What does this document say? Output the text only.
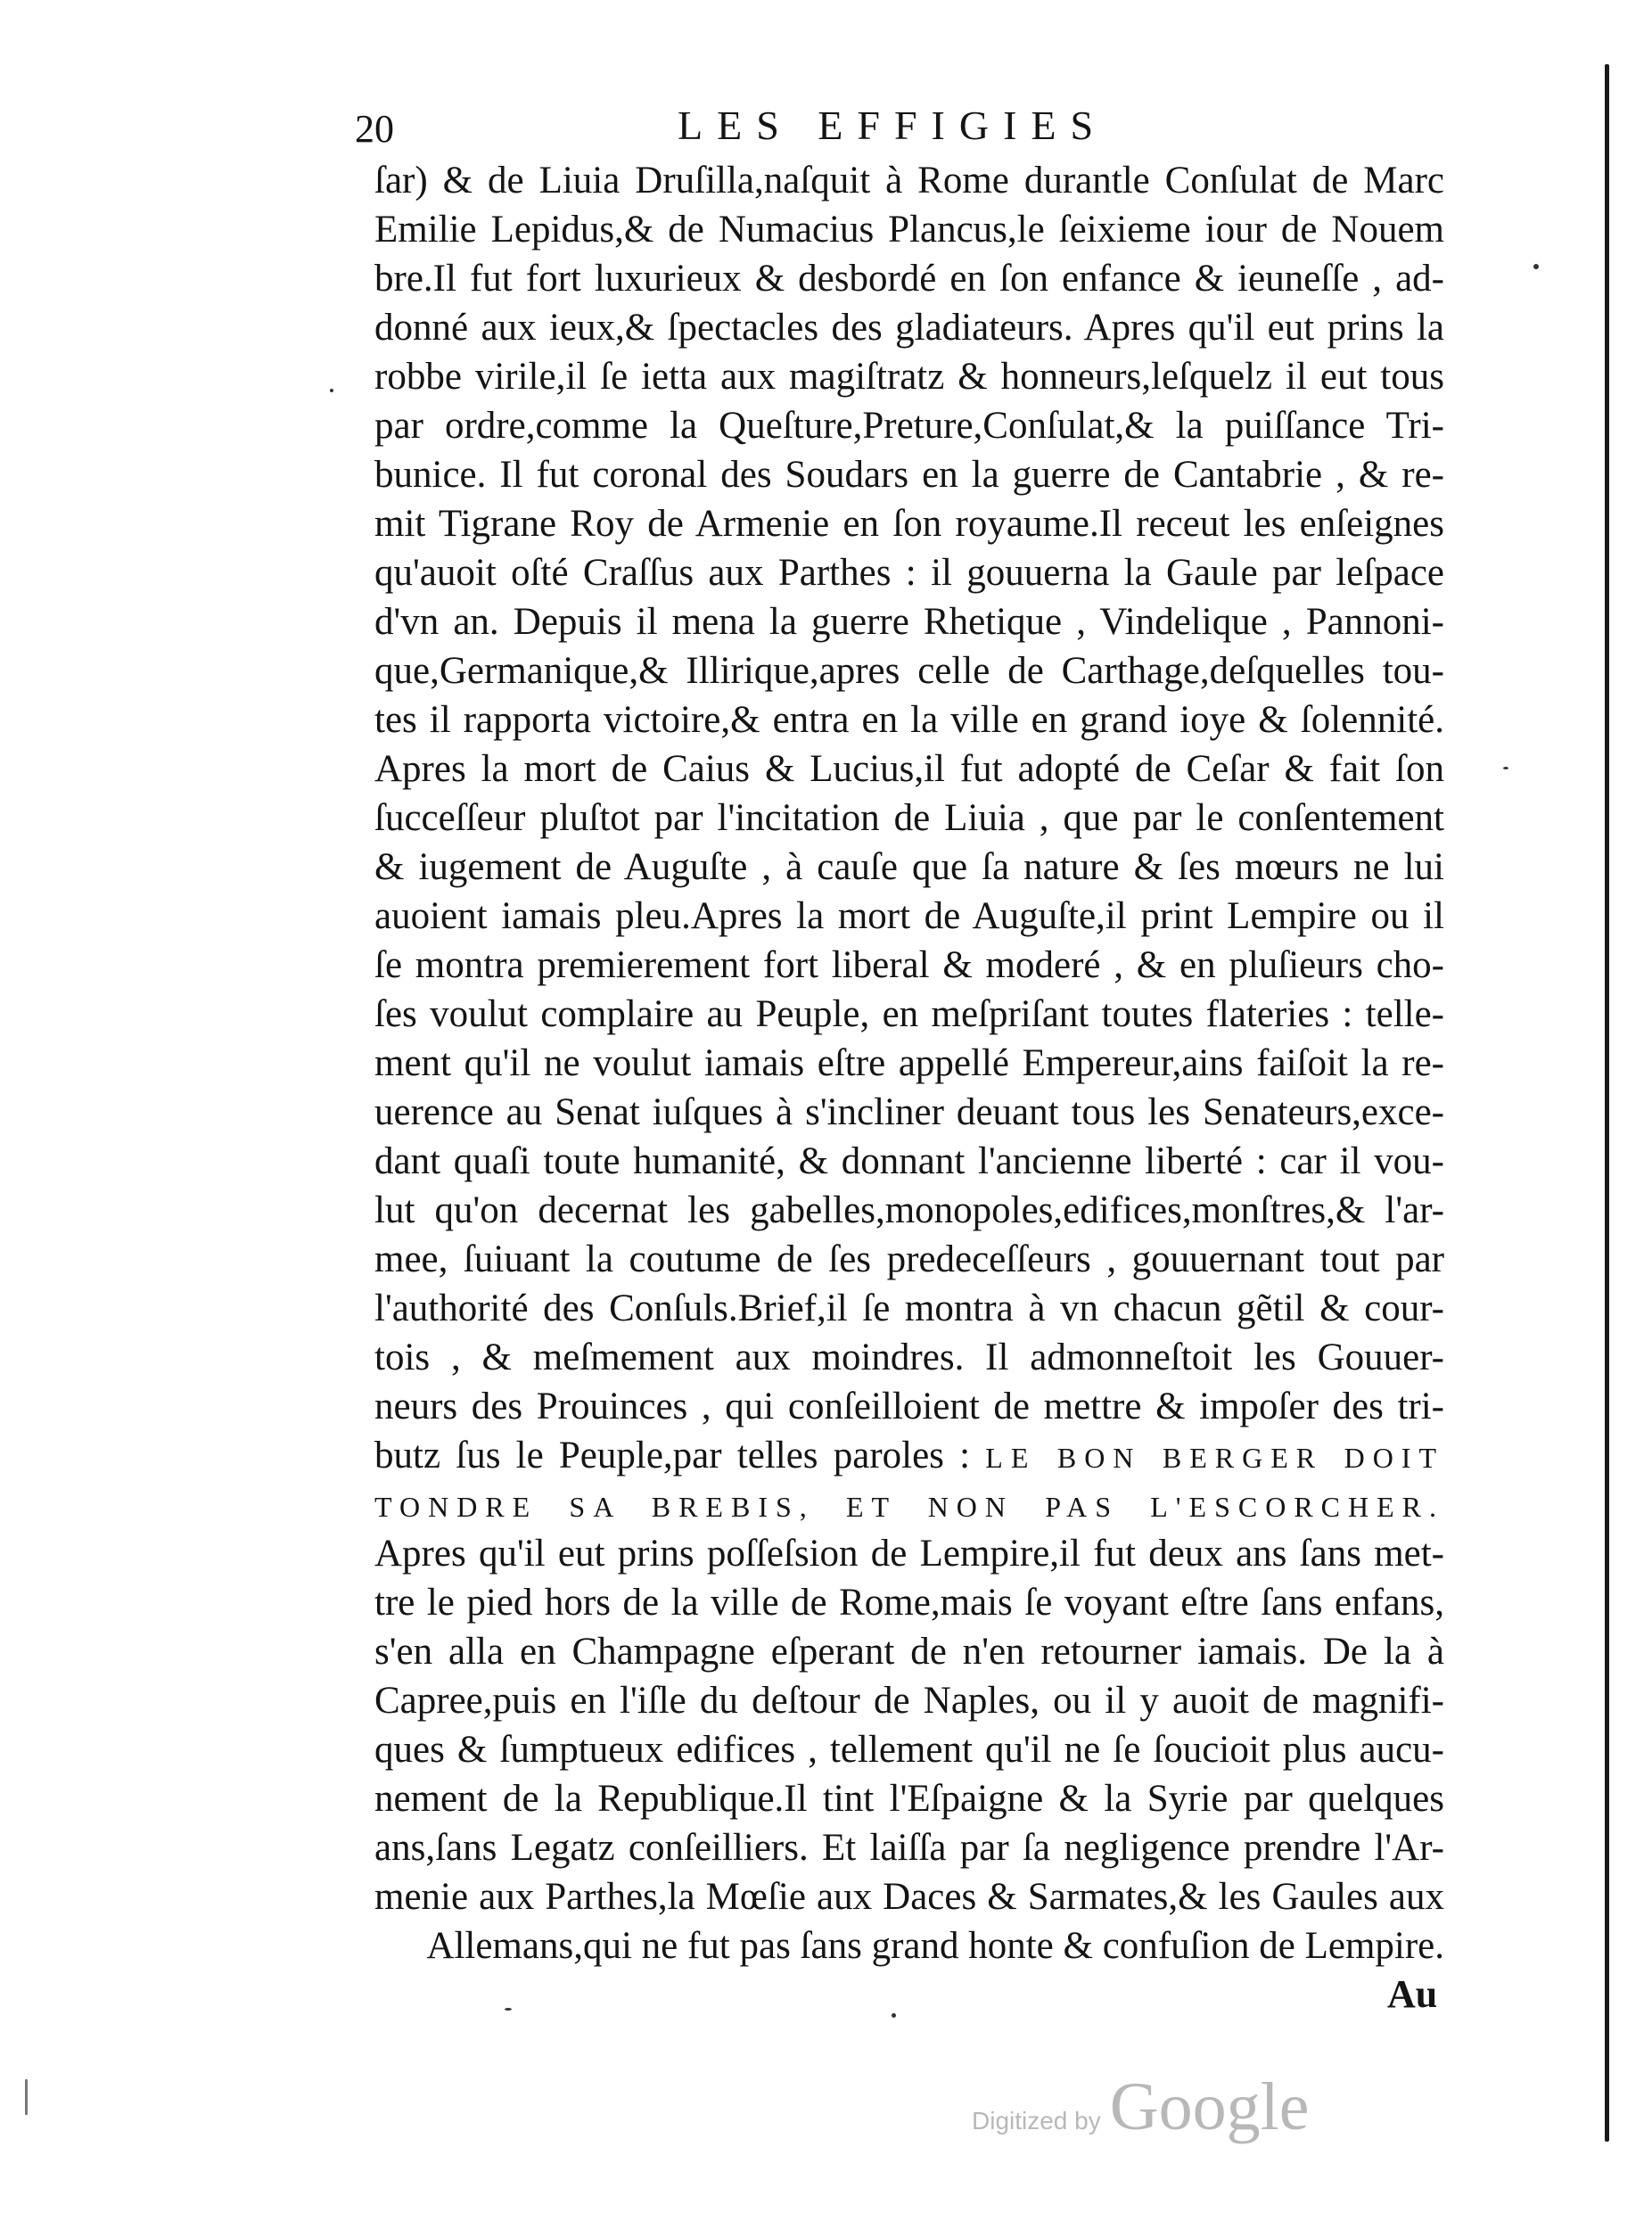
20	LES EFFIGIES
ſar) & de Liuia Druſilla,naſquit à Rome durantle Conſulat de Marc
Emilie Lepidus,& de Numacius Plancus,le ſeixieme iour de Nouem
bre.Il fut fort luxurieux & desbordé en ſon enfance & ieuneſſe , ad-
donné aux ieux,& ſpectacles des gladiateurs. Apres qu'il eut prins la
robbe virile,il ſe ietta aux magiſtratz & honneurs,leſquelz il eut tous
par ordre,comme la Queſture,Preture,Conſulat,& la puiſſance Tri-
bunice. Il fut coronal des Soudars en la guerre de Cantabrie , & re-
mit Tigrane Roy de Armenie en ſon royaume.Il receut les enſeignes
qu'auoit oſté Craſſus aux Parthes : il gouuerna la Gaule par leſpace
d'vn an. Depuis il mena la guerre Rhetique , Vindelique , Pannoni-
que,Germanique,& Illirique,apres celle de Carthage,deſquelles tou-
tes il rapporta victoire,& entra en la ville en grand ioye & ſolennité.
Apres la mort de Caius & Lucius,il fut adopté de Ceſar & fait ſon
ſucceſſeur pluſtot par l'incitation de Liuia , que par le conſentement
& iugement de Auguſte , à cauſe que ſa nature & ſes mœurs ne lui
auoient iamais pleu.Apres la mort de Auguſte,il print Lempire ou il
ſe montra premierement fort liberal & moderé , & en pluſieurs cho-
ſes voulut complaire au Peuple, en meſpriſant toutes flateries : telle-
ment qu'il ne voulut iamais eſtre appellé Empereur,ains faiſoit la re-
uerence au Senat iuſques à s'incliner deuant tous les Senateurs,exce-
dant quaſi toute humanité, & donnant l'ancienne liberté : car il vou-
lut qu'on decernat les gabelles,monopoles,edifices,monſtres,& l'ar-
mee, ſuiuant la coutume de ſes predeceſſeurs , gouuernant tout par
l'authorité des Conſuls.Brief,il ſe montra à vn chacun gẽtil & cour-
tois , & meſmement aux moindres. Il admonneſtoit les Gouuer-
neurs des Prouinces , qui conſeilloient de mettre & impoſer des tri-
butz ſus le Peuple,par telles paroles : LE BON BERGER DOIT
TONDRE SA BREBIS, ET NON PAS L'ESCORCHER.
Apres qu'il eut prins poſſeſsion de Lempire,il fut deux ans ſans met-
tre le pied hors de la ville de Rome,mais ſe voyant eſtre ſans enfans,
s'en alla en Champagne eſperant de n'en retourner iamais. De la à
Capree,puis en l'iſle du deſtour de Naples, ou il y auoit de magnifi-
ques & ſumptueux edifices , tellement qu'il ne ſe ſoucioit plus aucu-
nement de la Republique.Il tint l'Eſpaigne & la Syrie par quelques
ans,ſans Legatz conſeilliers. Et laiſſa par ſa negligence prendre l'Ar-
menie aux Parthes,la Mœſie aux Daces & Sarmates,& les Gaules aux
Allemans,qui ne fut pas ſans grand honte & confuſion de Lempire.
Au
Digitized by Google
